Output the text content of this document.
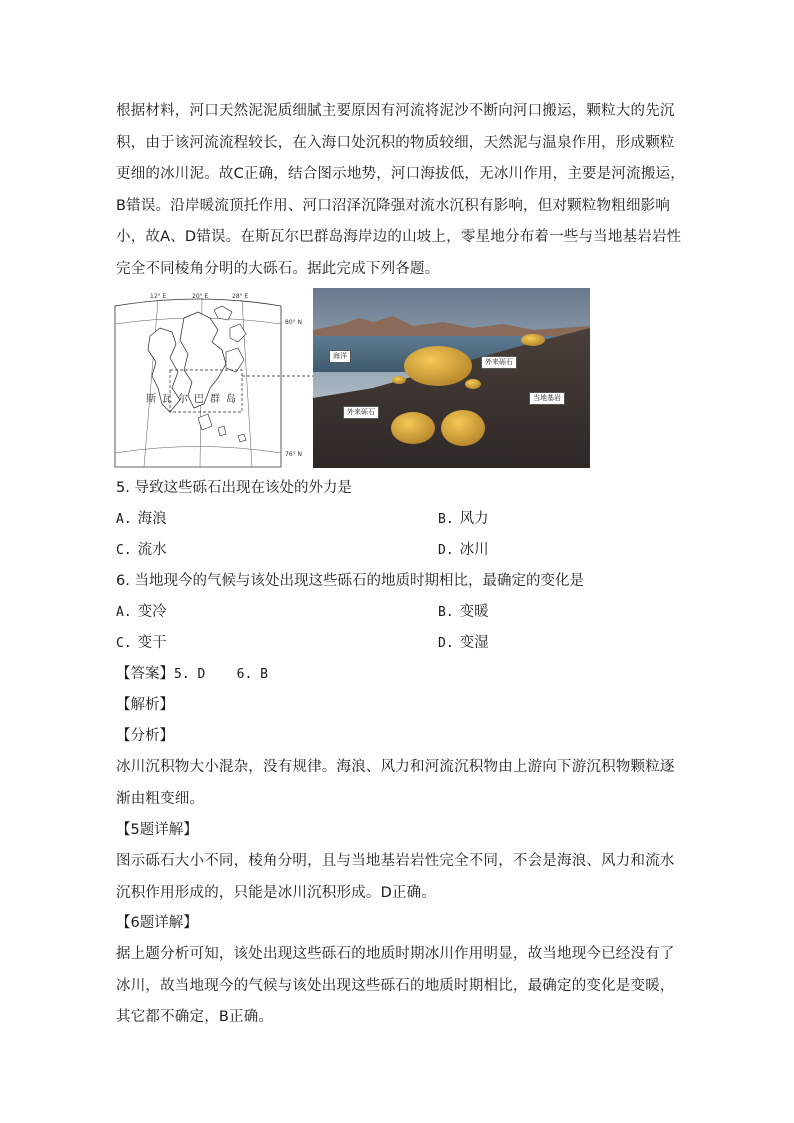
根据材料，河口天然泥泥质细腻主要原因有河流将泥沙不断向河口搬运，颗粒大的先沉积，由于该河流流程较长，在入海口处沉积的物质较细，天然泥与温泉作用，形成颗粒更细的冰川泥。故C正确，结合图示地势，河口海拔低，无冰川作用，主要是河流搬运，B错误。沿岸暖流顶托作用、河口沼泽沉降强对流水沉积有影响，但对颗粒物粗细影响小，故A、D错误。在斯瓦尔巴群岛海岸边的山坡上，零星地分布着一些与当地基岩岩性完全不同棱角分明的大砾石。据此完成下列各题。

12° E	20° E	28° E
斯瓦尔巴群岛
80° N
76° N
海洋
外来砾石
当地基岩
外来砾石
5. 导致这些砾石出现在该处的外力是
A. 海浪	B. 风力
C. 流水	D. 冰川
6. 当地现今的气候与该处出现这些砾石的地质时期相比，最确定的变化是
A. 变冷	B. 变暖
C. 变干	D. 变湿
【答案】5. D    6. B
【解析】
【分析】

冰川沉积物大小混杂，没有规律。海浪、风力和河流沉积物由上游向下游沉积物颗粒逐渐由粗变细。

【5题详解】

图示砾石大小不同，棱角分明，且与当地基岩岩性完全不同，不会是海浪、风力和流水沉积作用形成的，只能是冰川沉积形成。D正确。

【6题详解】

据上题分析可知，该处出现这些砾石的地质时期冰川作用明显，故当地现今已经没有了冰川，故当地现今的气候与该处出现这些砾石的地质时期相比，最确定的变化是变暖，其它都不确定，B正确。
